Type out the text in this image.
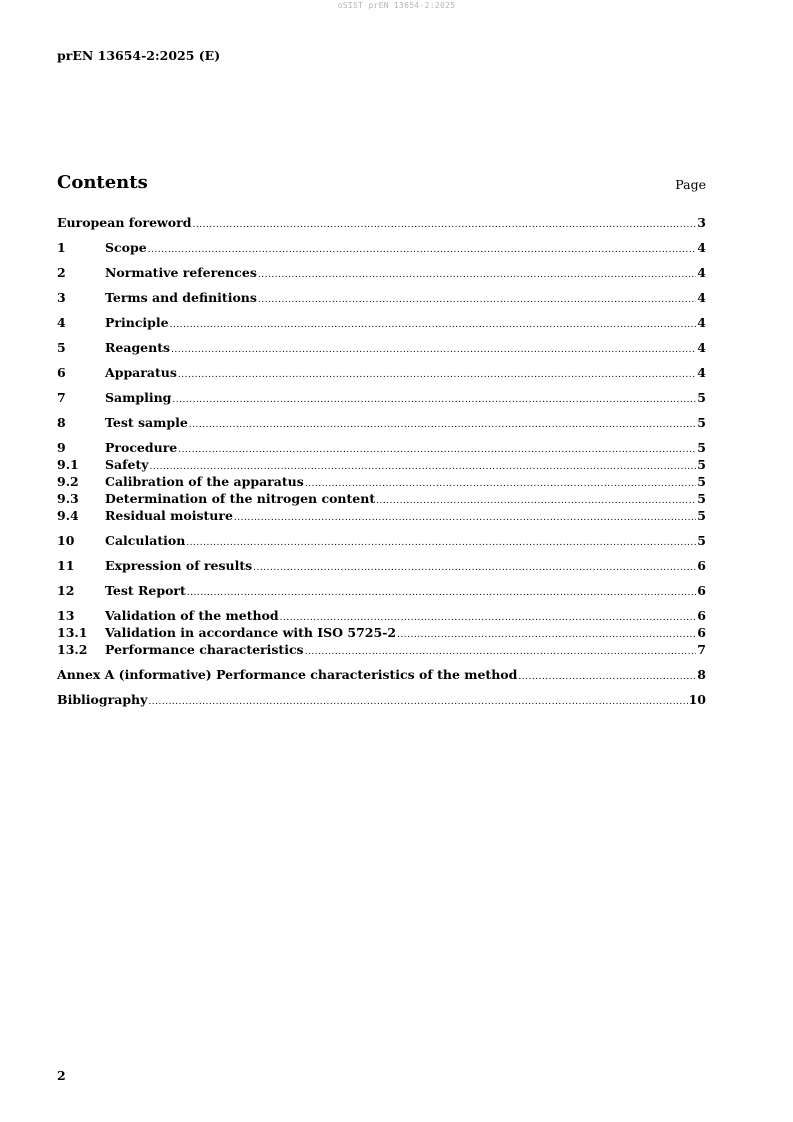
oSIST prEN 13654-2:2025
prEN 13654-2:2025 (E)
Contents	Page
European foreword .....	3
1	Scope .....	4
2	Normative references .....	4
3	Terms and definitions .....	4
4	Principle .....	4
5	Reagents .....	4
6	Apparatus .....	4
7	Sampling .....	5
8	Test sample .....	5
9	Procedure .....	5
9.1	Safety .....	5
9.2	Calibration of the apparatus .....	5
9.3	Determination of the nitrogen content .....	5
9.4	Residual moisture .....	5
10	Calculation .....	5
11	Expression of results .....	6
12	Test Report .....	6
13	Validation of the method .....	6
13.1	Validation in accordance with ISO 5725-2 .....	6
13.2	Performance characteristics .....	7
Annex A (informative) Performance characteristics of the method .....	8
Bibliography .....	10
2
